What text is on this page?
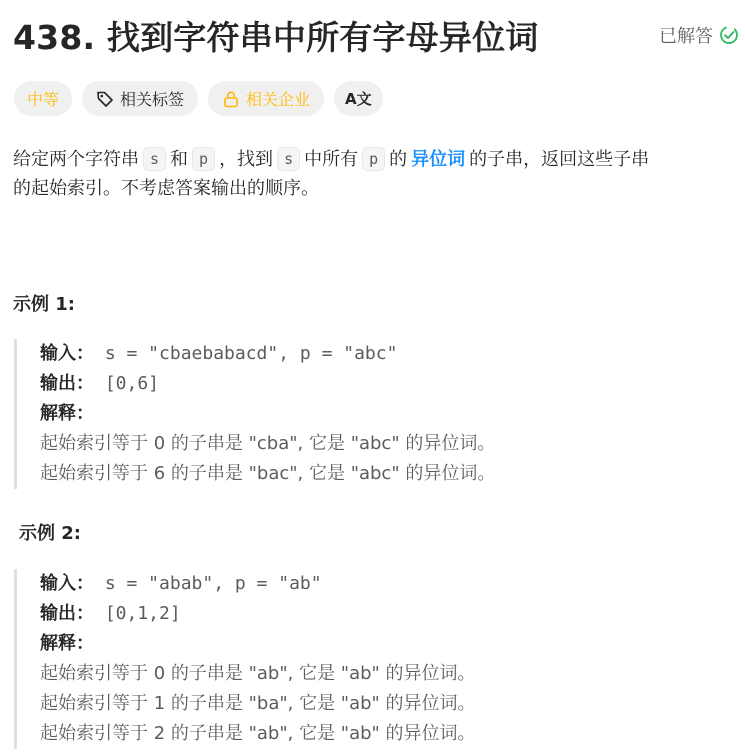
438. 找到字符串中所有字母异位词	已解答
中等	相关标签	相关企业 A文
给定两个字符串 s 和 p ，找到 s 中所有 p 的 异位词 的子串，返回这些子串
的起始索引。不考虑答案输出的顺序。
示例 1:
输入： s = "cbaebabacd", p = "abc"
输出： [0,6]
解释：
起始索引等于 0 的子串是 "cba", 它是 "abc" 的异位词。
起始索引等于 6 的子串是 "bac", 它是 "abc" 的异位词。
示例 2:
输入： s = "abab", p = "ab"
输出： [0,1,2]
解释：
起始索引等于 0 的子串是 "ab", 它是 "ab" 的异位词。
起始索引等于 1 的子串是 "ba", 它是 "ab" 的异位词。
起始索引等于 2 的子串是 "ab", 它是 "ab" 的异位词。
